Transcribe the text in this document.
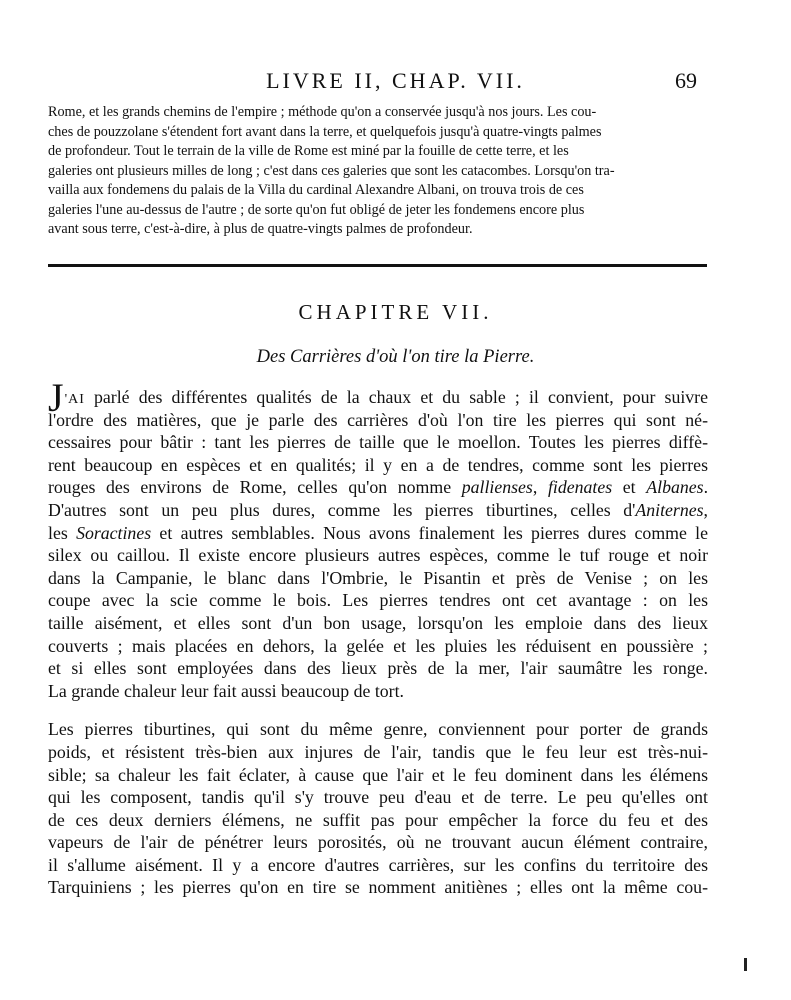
LIVRE II, CHAP. VII.	69
Rome, et les grands chemins de l'empire ; méthode qu'on a conservée jusqu'à nos jours. Les cou-
ches de pouzzolane s'étendent fort avant dans la terre, et quelquefois jusqu'à quatre-vingts palmes
de profondeur. Tout le terrain de la ville de Rome est miné par la fouille de cette terre, et les
galeries ont plusieurs milles de long ; c'est dans ces galeries que sont les catacombes. Lorsqu'on tra-
vailla aux fondemens du palais de la Villa du cardinal Alexandre Albani, on trouva trois de ces
galeries l'une au-dessus de l'autre ; de sorte qu'on fut obligé de jeter les fondemens encore plus
avant sous terre, c'est-à-dire, à plus de quatre-vingts palmes de profondeur.
CHAPITRE VII.
Des Carrières d'où l'on tire la Pierre.
J'AI parlé des différentes qualités de la chaux et du sable ; il convient, pour suivre
l'ordre des matières, que je parle des carrières d'où l'on tire les pierres qui sont né-
cessaires pour bâtir : tant les pierres de taille que le moellon. Toutes les pierres diffè-
rent beaucoup en espèces et en qualités; il y en a de tendres, comme sont les pierres
rouges des environs de Rome, celles qu'on nomme pallienses, fidenates et Albanes.
D'autres sont un peu plus dures, comme les pierres tiburtines, celles d'Aniternes,
les Soractines et autres semblables. Nous avons finalement les pierres dures comme le
silex ou caillou. Il existe encore plusieurs autres espèces, comme le tuf rouge et noir
dans la Campanie, le blanc dans l'Ombrie, le Pisantin et près de Venise ; on les
coupe avec la scie comme le bois. Les pierres tendres ont cet avantage : on les
taille aisément, et elles sont d'un bon usage, lorsqu'on les emploie dans des lieux
couverts ; mais placées en dehors, la gelée et les pluies les réduisent en poussière ;
et si elles sont employées dans des lieux près de la mer, l'air saumâtre les ronge.
La grande chaleur leur fait aussi beaucoup de tort.
Les pierres tiburtines, qui sont du même genre, conviennent pour porter de grands
poids, et résistent très-bien aux injures de l'air, tandis que le feu leur est très-nui-
sible; sa chaleur les fait éclater, à cause que l'air et le feu dominent dans les élémens
qui les composent, tandis qu'il s'y trouve peu d'eau et de terre. Le peu qu'elles ont
de ces deux derniers élémens, ne suffit pas pour empêcher la force du feu et des
vapeurs de l'air de pénétrer leurs porosités, où ne trouvant aucun élément contraire,
il s'allume aisément. Il y a encore d'autres carrières, sur les confins du territoire des
Tarquiniens ; les pierres qu'on en tire se nomment anitiènes ; elles ont la même cou-
